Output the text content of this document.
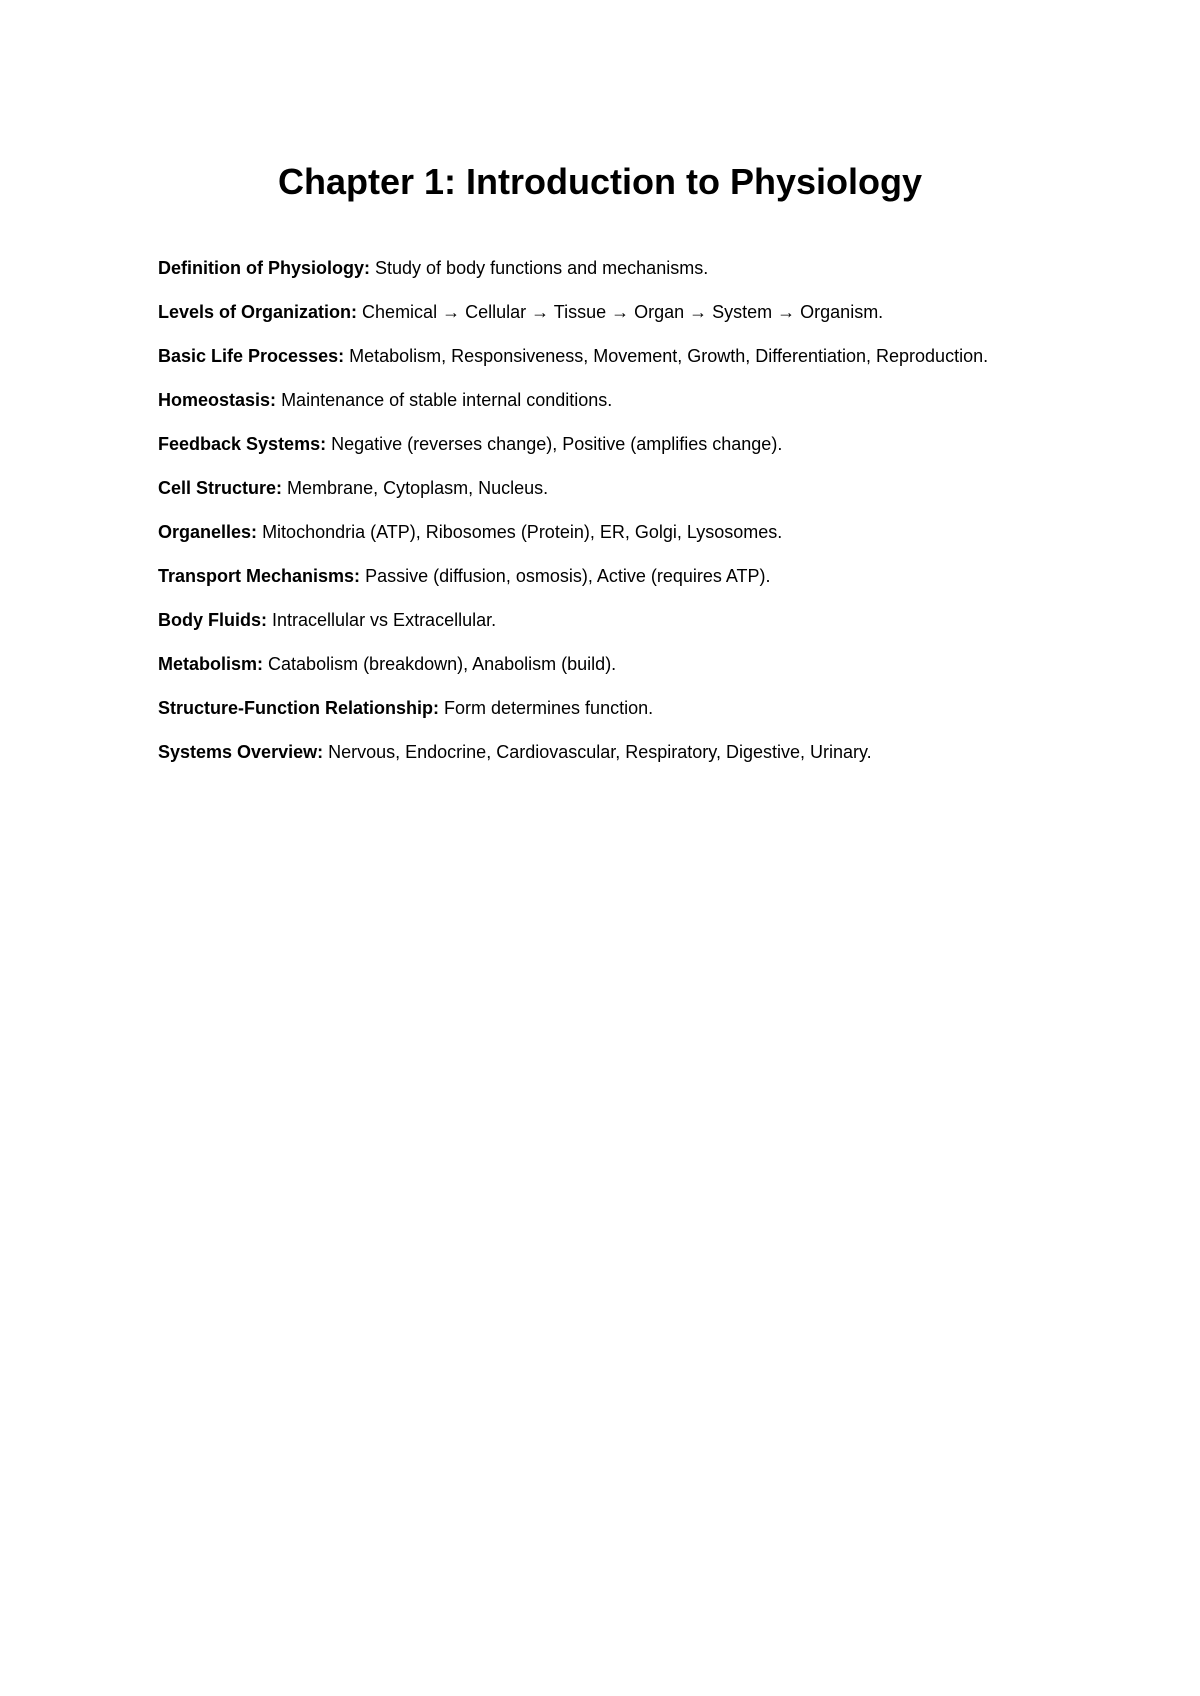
Chapter 1: Introduction to Physiology

Definition of Physiology: Study of body functions and mechanisms.

Levels of Organization: Chemical → Cellular → Tissue → Organ → System → Organism.

Basic Life Processes: Metabolism, Responsiveness, Movement, Growth, Differentiation, Reproduction.

Homeostasis: Maintenance of stable internal conditions.

Feedback Systems: Negative (reverses change), Positive (amplifies change).

Cell Structure: Membrane, Cytoplasm, Nucleus.

Organelles: Mitochondria (ATP), Ribosomes (Protein), ER, Golgi, Lysosomes.

Transport Mechanisms: Passive (diffusion, osmosis), Active (requires ATP).

Body Fluids: Intracellular vs Extracellular.

Metabolism: Catabolism (breakdown), Anabolism (build).

Structure-Function Relationship: Form determines function.

Systems Overview: Nervous, Endocrine, Cardiovascular, Respiratory, Digestive, Urinary.
